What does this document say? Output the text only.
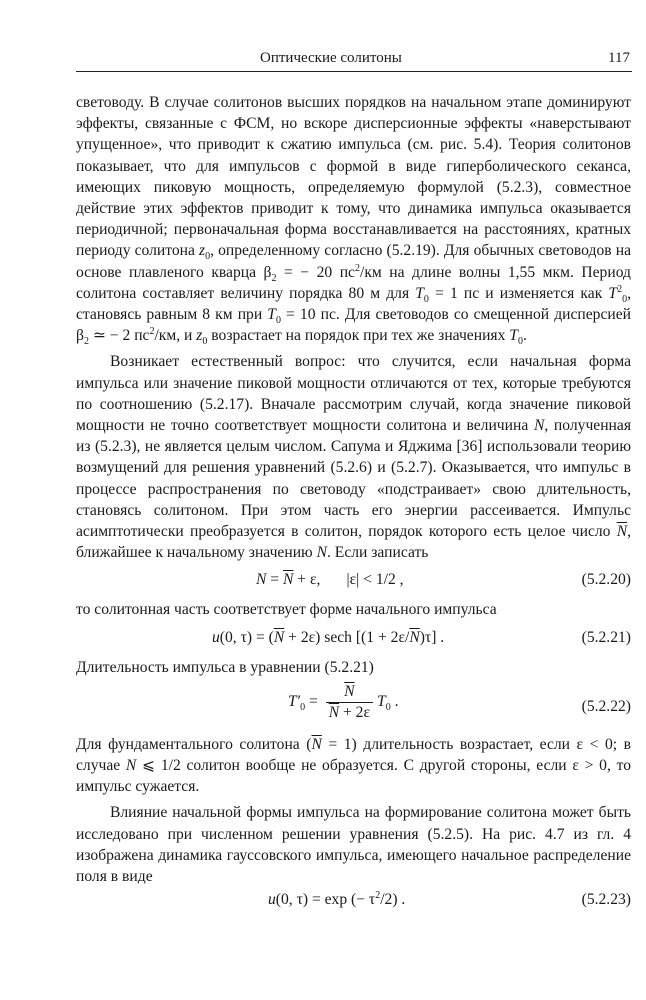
Оптические солитоны	117

световоду. В случае солитонов высших порядков на начальном этапе доминируют эффекты, связанные с ФСМ, но вскоре дисперсионные эффекты «наверстывают упущенное», что приводит к сжатию импульса (см. рис. 5.4). Теория солитонов показывает, что для импульсов с формой в виде гиперболического секанса, имеющих пиковую мощность, определяемую формулой (5.2.3), совместное действие этих эффектов приводит к тому, что динамика импульса оказывается периодичной; первоначальная форма восстанавливается на расстояниях, кратных периоду солитона $z_0$, определенному согласно (5.2.19). Для обычных световодов на основе плавленого кварца $\beta_2$ = − 20 $пс^2/км$ на длине волны 1,55 мкм. Период солитона составляет величину порядка 80 м для $T_0 = 1$ пс и изменяется как $T^2_0$, становясь равным 8 км при $T_0 = 10$ пс. Для световодов со смещенной дисперсией $\beta_2$ ≃ − 2 $пс^2/км$, и $z_0$ возрастает на порядок при тех же значениях $T_0$.

Возникает естественный вопрос: что случится, если начальная форма импульса или значение пиковой мощности отличаются от тех, которые требуются по соотношению (5.2.17). Вначале рассмотрим случай, когда значение пиковой мощности не точно соответствует мощности солитона и величина N, полученная из (5.2.3), не является целым числом. Сапума и Яджима [36] использовали теорию возмущений для решения уравнений (5.2.6) и (5.2.7). Оказывается, что импульс в процессе распространения по световоду «подстраивает» свою длительность, становясь солитоном. При этом часть его энергии рассеивается. Импульс асимптотически преобразуется в солитон, порядок которого есть целое число $\overline{N}$, ближайшее к начальному значению N. Если записать

$N = \overline{N} + \varepsilon$, |ε| < 1/2 ,	(5.2.20)

то солитонная часть соответствует форме начального импульса

u(0, $\tau) = (\overline{N} + 2\varepsilon)$ sech $[(1 + 2\varepsilon/\overline{N})\tau]$ .	(5.2.21)

Длительность импульса в уравнении (5.2.21)

$T'_0 = \frac{\overline{N}}{\overline{N} + 2\varepsilon} T_0$ .	(5.2.22)

Для фундаментального солитона $(\overline{N} = 1)$ длительность возрастает, если ε < 0; в случае N ⩽ 1/2 солитон вообще не образуется. С другой стороны, если ε > 0, то импульс сужается.

Влияние начальной формы импульса на формирование солитона может быть исследовано при численном решении уравнения (5.2.5). На рис. 4.7 из гл. 4 изображена динамика гауссовского импульса, имеющего начальное распределение поля в виде

u(0, τ) = exp (− $\tau^2/2$) .	(5.2.23)
